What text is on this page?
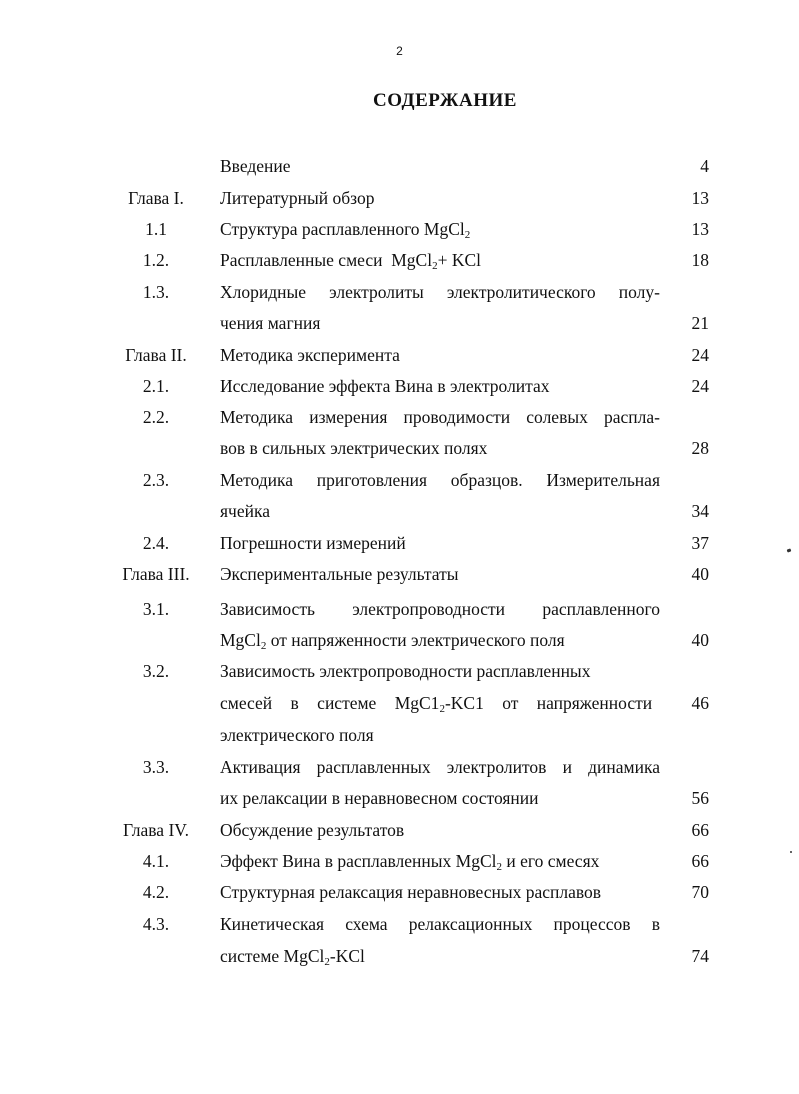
2
СОДЕРЖАНИЕ
Введение	4
Глава I.	Литературный обзор	13
1.1	Структура расплавленного MgCl$_2$	13
1.2.	Расплавленные смеси  MgCl$_2$+ KCl	18
1.3.	Хлоридные электролиты электролитического полу-
чения магния	21
Глава II.	Методика эксперимента	24
2.1.	Исследование эффекта Вина в электролитах	24
2.2.	Методика измерения проводимости солевых распла-
вов в сильных электрических полях	28
2.3.	Методика приготовления образцов. Измерительная
ячейка	34
2.4.	Погрешности измерений	37
Глава III.	Экспериментальные результаты	40
3.1.	Зависимость электропроводности расплавленного
MgCl$_2$ от напряженности электрического поля	40
3.2.	Зависимость электропроводности расплавленных
смесей в системе MgC1 $_2$-KC1 от напряженности	46
электрического поля
3.3.	Активация расплавленных электролитов и динамика
их релаксации в неравновесном состоянии	56
Глава IV.	Обсуждение результатов	66
4.1.	Эффект Вина в расплавленных MgCl$_2$ и его смесях	66
4.2.	Структурная релаксация неравновесных расплавов	70
4.3.	Кинетическая схема релаксационных процессов в
системе MgCl$_2$-KCl	74
